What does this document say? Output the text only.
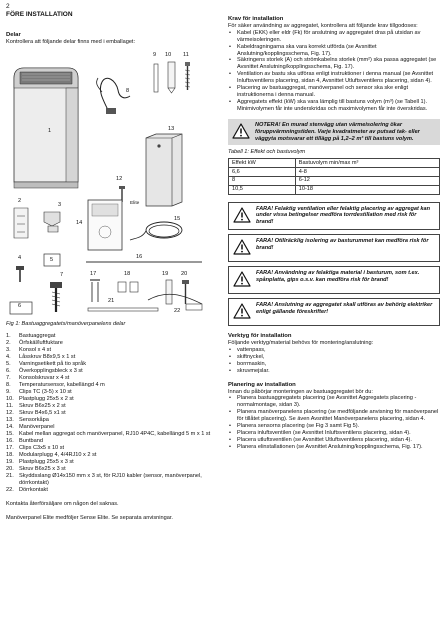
2
FÖRE INSTALLATION

Delar

Kontrollera att följande delar finns med i emballaget:

1
2
3
4	5
6
7
8
9 10 11
12
13
14
15
16
17	18	19 20
21
22
Elite

Fig 1: Bastuaggregatets/manöverpanelens delar

1.	Bastuaggregat
2.	Örfskäl/luftfuktare
3.	Konsol x 4 st
4.	Låsskruv B8x9,5 x 1 st
5.	Varningsetikett på tio språk
6.	Överkopplingsbleck x 3 st
7.	Konsolskruvar x 4 st
8.	Temperatursensor, kabellängd 4 m
9.	Clips TC (3-5) x 10 st
10. Plastplugg 25x5 x 2 st
11.	Skruv B6x25 x 2 st
12. Skruv B4x6,5 x1 st
13. Sensorkåpa
14. Manöverpanel
15. Kabel mellan aggregat och manöverpanel, RJ10 4P4C, kabellängd 5 m x 1 st
16. Buntband
17. Clips C3x5 x 10 st
18. Modularplugg 4, 4/4RJ10 x 2 st
19. Plastplugg 25x5 x 3 st
20. Skruv B6x25 x 3 st
21. Skyddsslang Ø14x150 mm x 3 st, för RJ10 kabler (sensor, manöverpanel, dörrkontakt)
22. Dörrkontakt

Kontakta återförsäljare om någon del saknas.

Manöverpanel Elite medföljer Sense Elite. Se separata anvisningar.

Krav för installation

För säker användning av aggregatet, kontrollera att följande krav tillgodoses:

• Kabel (EKK) eller eldr (Fk) för anslutning av aggregatet dras på utsidan av värmeisoleringen.
• Kabeldragningarna ska vara korrekt utförda (se Avsnittet Anslutning/kopplingsschema, Fig. 17).
• Säkringens storlek (A) och strömkabelns storlek (mm²) ska passa aggregatet (se Avsnittet Anslutning/kopplingsschema, Fig. 17).
• Ventilation av bastu ska utföras enligt instruktioner i denna manual (se Avsnittet Inluftsventilens placering, sidan 4, Avsnittet Utluftsventilens placering, sidan 4).
• Placering av bastuaggregat, manöverpanel och sensor ska ske enligt instruktionerna i denna manual.
• Aggregatets effekt (kW) ska vara lämplig till bastuns volym (m³) (se Tabell 1). Minimivolymen får inte underskridas och maximivolymen får inte överskridas.
NOTERA! En murad stenvägg utan värmeisolering ökar föruppvärmningstiden. Varje kvadratmeter av putsad tak- eller väggyta motsvarar ett tillägg på 1,2–2 m³ till bastuns volym.

Tabell 1: Effekt och bastuvolym

Effekt kW	Bastuvolym min/max m³
6,6	4-8
8	6-12
10,5	10-18
FARA! Felaktig ventilation eller felaktig placering av aggregat kan under vissa betingelser medföra torrdestillation med risk för brand!
FARA! Otillräcklig isolering av basturummet kan medföra risk för brand!
FARA! Användning av felaktiga material i basturum, som t.ex. spånplatta, gips o.s.v. kan medföra risk för brand!
FARA! Anslutning av aggregatet skall utföras av behörig elektriker enligt gällande föreskrifter!

Verktyg för installation

Följande verktyg/material behövs för montering/anslutning:

• vattenpass,
• skiftnyckel,
• borrmaskin,
• skruvmejslar.

Planering av installation

Innan du påbörjar monteringen av bastuaggregatet bör du:

• Planera bastuaggregatets placering (se Avsnittet Aggregatets placering - normalmontage, sidan 3).
• Planera manöverpanelens placering (se medföljande anvisning för manöverpanel för tillåtet placering). Se även Avsnittet Manöverpanelens placering, sidan 4.
• Planera sensorns placering (se Fig 3 samt Fig 5).
• Placera inluftsventilen (se Avsnittet Inluftsventilens placering, sidan 4).
• Placera utluftsventilen (se Avsnittet Utluftsventilens placering, sidan 4).
• Planera elinstallationen (se Avsnittet Anslutning/kopplingsschema, Fig. 17).
